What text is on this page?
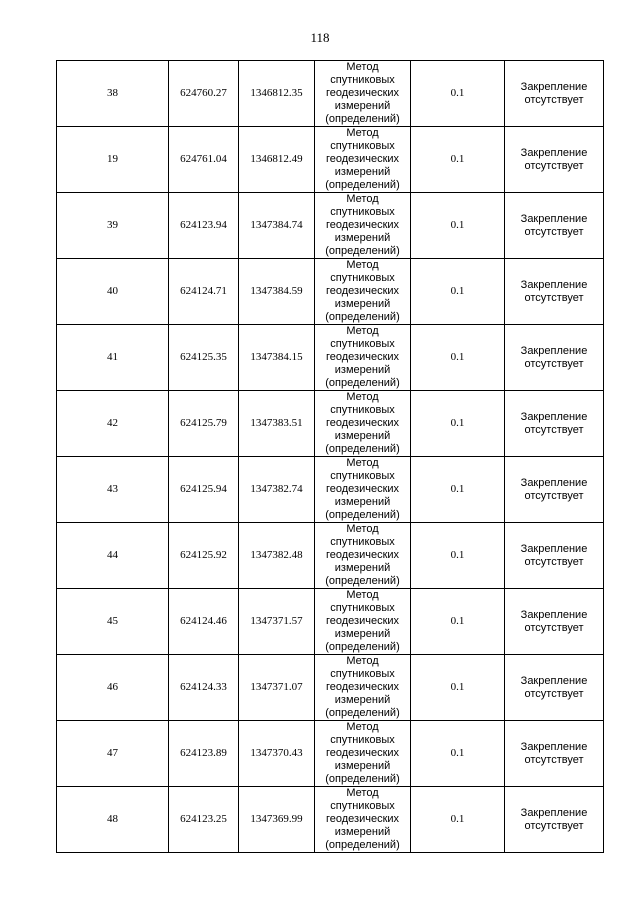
118
38	624760.27	1346812.35	Метод
спутниковых
геодезических
измерений
(определений)	0.1	Закрепление
отсутствует

19	624761.04	1346812.49	Метод
спутниковых
геодезических
измерений
(определений)	0.1	Закрепление
отсутствует

39	624123.94	1347384.74	Метод
спутниковых
геодезических
измерений
(определений)	0.1	Закрепление
отсутствует

40	624124.71	1347384.59	Метод
спутниковых
геодезических
измерений
(определений)	0.1	Закрепление
отсутствует

41	624125.35	1347384.15	Метод
спутниковых
геодезических
измерений
(определений)	0.1	Закрепление
отсутствует

42	624125.79	1347383.51	Метод
спутниковых
геодезических
измерений
(определений)	0.1	Закрепление
отсутствует

43	624125.94	1347382.74	Метод
спутниковых
геодезических
измерений
(определений)	0.1	Закрепление
отсутствует

44	624125.92	1347382.48	Метод
спутниковых
геодезических
измерений
(определений)	0.1	Закрепление
отсутствует

45	624124.46	1347371.57	Метод
спутниковых
геодезических
измерений
(определений)	0.1	Закрепление
отсутствует

46	624124.33	1347371.07	Метод
спутниковых
геодезических
измерений
(определений)	0.1	Закрепление
отсутствует

47	624123.89	1347370.43	Метод
спутниковых
геодезических
измерений
(определений)	0.1	Закрепление
отсутствует

48	624123.25	1347369.99	Метод
спутниковых
геодезических
измерений
(определений)	0.1	Закрепление
отсутствует
